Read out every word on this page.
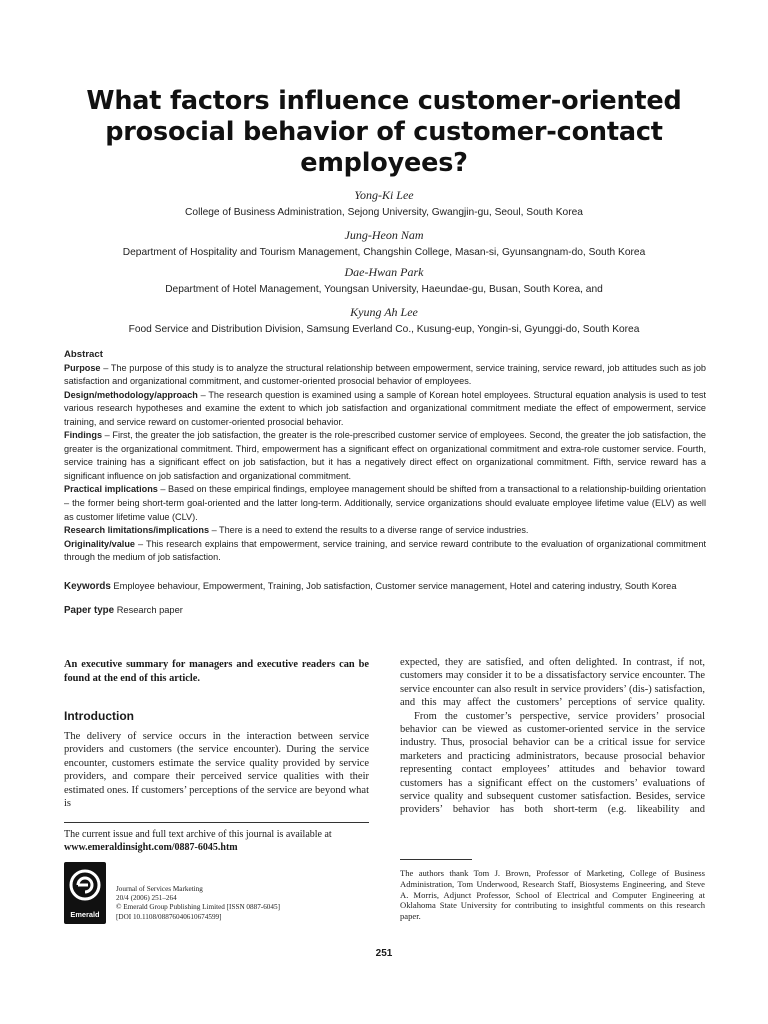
What factors influence customer-oriented prosocial behavior of customer-contact employees?
Yong-Ki Lee
College of Business Administration, Sejong University, Gwangjin-gu, Seoul, South Korea
Jung-Heon Nam
Department of Hospitality and Tourism Management, Changshin College, Masan-si, Gyunsangnam-do, South Korea
Dae-Hwan Park
Department of Hotel Management, Youngsan University, Haeundae-gu, Busan, South Korea, and
Kyung Ah Lee
Food Service and Distribution Division, Samsung Everland Co., Kusung-eup, Yongin-si, Gyunggi-do, South Korea
Abstract

Purpose – The purpose of this study is to analyze the structural relationship between empowerment, service training, service reward, job attitudes such as job satisfaction and organizational commitment, and customer-oriented prosocial behavior of employees.

Design/methodology/approach – The research question is examined using a sample of Korean hotel employees. Structural equation analysis is used to test various research hypotheses and examine the extent to which job satisfaction and organizational commitment mediate the effect of empowerment, service training, and service reward on customer-oriented prosocial behavior.

Findings – First, the greater the job satisfaction, the greater is the role-prescribed customer service of employees. Second, the greater the job satisfaction, the greater is the organizational commitment. Third, empowerment has a significant effect on organizational commitment and extra-role customer service. Fourth, service training has a significant effect on job satisfaction, but it has a negatively direct effect on organizational commitment. Fifth, service reward has a significant influence on job satisfaction and organizational commitment.

Practical implications – Based on these empirical findings, employee management should be shifted from a transactional to a relationship-building orientation – the former being short-term goal-oriented and the latter long-term. Additionally, service organizations should evaluate employee lifetime value (ELV) as well as customer lifetime value (CLV).

Research limitations/implications – There is a need to extend the results to a diverse range of service industries.

Originality/value – This research explains that empowerment, service training, and service reward contribute to the evaluation of organizational commitment through the medium of job satisfaction.

Keywords Employee behaviour, Empowerment, Training, Job satisfaction, Customer service management, Hotel and catering industry, South Korea
Paper type Research paper
An executive summary for managers and executive readers can be found at the end of this article.
Introduction

The delivery of service occurs in the interaction between service providers and customers (the service encounter). During the service encounter, customers estimate the service quality provided by service providers, and compare their perceived service qualities with their estimated ones. If customers’ perceptions of the service are beyond what is

The current issue and full text archive of this journal is available at
www.emeraldinsight.com/0887-6045.htm
Emerald
Journal of Services Marketing
20/4 (2006) 251–264
© Emerald Group Publishing Limited [ISSN 0887-6045]
[DOI 10.1108/08876040610674599]

expected, they are satisfied, and often delighted. In contrast, if not, customers may consider it to be a dissatisfactory service encounter. The service encounter can also result in service providers’ (dis-) satisfaction, and this may affect the customers’ perceptions of service quality.

From the customer’s perspective, service providers’ prosocial behavior can be viewed as customer-oriented service in the service industry. Thus, prosocial behavior can be a critical issue for service marketers and practicing administrators, because prosocial behavior representing contact employees’ attitudes and behavior toward customers has a significant effect on the customers’ evaluations of service quality and subsequent customer satisfaction. Besides, service providers’ behavior has both short-term (e.g. likeability and

The authors thank Tom J. Brown, Professor of Marketing, College of Business Administration, Tom Underwood, Research Staff, Biosystems Engineering, and Steve A. Morris, Adjunct Professor, School of Electrical and Computer Engineering at Oklahoma State University for contributing to insightful comments on this research paper.
251
